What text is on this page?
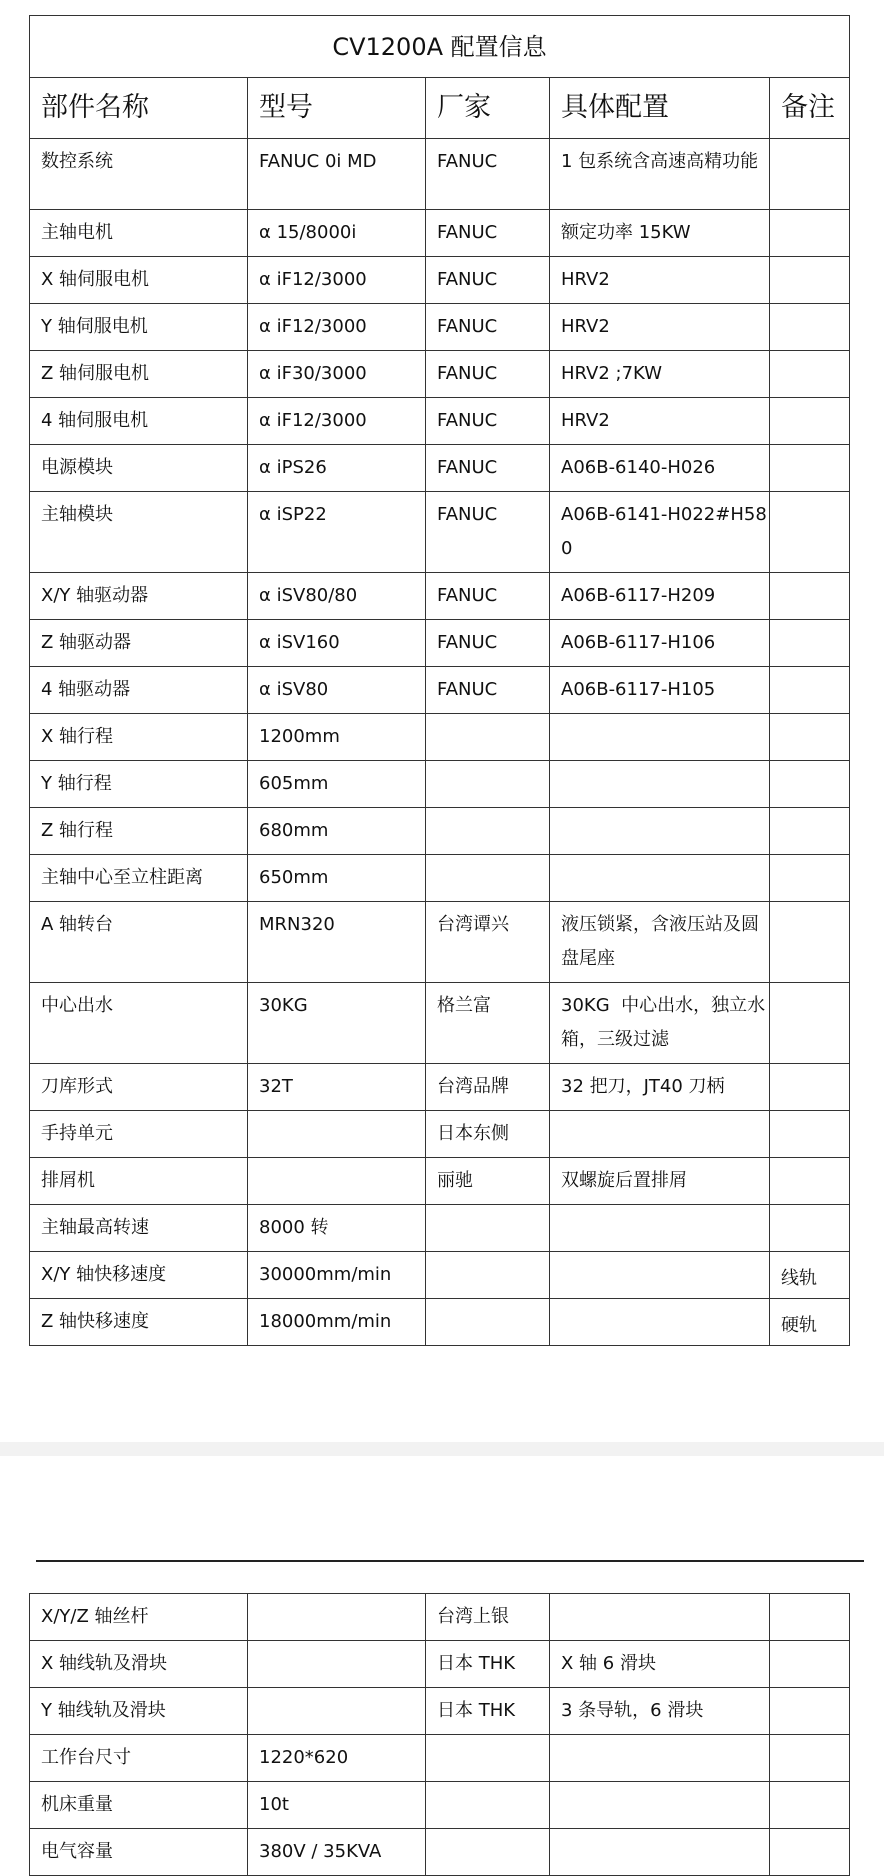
CV1200A 配置信息				
部件名称	型号	厂家	具体配置	备注
数控系统	FANUC 0i MD	FANUC	1 包系统含高速高精功能	
主轴电机	α 15/8000i	FANUC	额定功率 15KW	
X 轴伺服电机	α iF12/3000	FANUC	HRV2	
Y 轴伺服电机	α iF12/3000	FANUC	HRV2	
Z 轴伺服电机	α iF30/3000	FANUC	HRV2 ;7KW	
4 轴伺服电机	α iF12/3000	FANUC	HRV2	
电源模块	α iPS26	FANUC	A06B-6140-H026	
主轴模块	α iSP22	FANUC	A06B-6141-H022#H580	
X/Y 轴驱动器	α iSV80/80	FANUC	A06B-6117-H209	
Z 轴驱动器	α iSV160	FANUC	A06B-6117-H106	
4 轴驱动器	α iSV80	FANUC	A06B-6117-H105	
X 轴行程	1200mm			
Y 轴行程	605mm			
Z 轴行程	680mm			
主轴中心至立柱距离	650mm			
A 轴转台	MRN320	台湾谭兴	液压锁紧，含液压站及圆盘尾座	
中心出水	30KG	格兰富	30KG  中心出水，独立水箱，三级过滤	
刀库形式	32T	台湾品牌	32 把刀，JT40 刀柄	
手持单元		日本东侧		
排屑机		丽驰	双螺旋后置排屑	
主轴最高转速	8000 转			
X/Y 轴快移速度	30000mm/min			线轨
Z 轴快移速度	18000mm/min			硬轨
X/Y/Z 轴丝杆		台湾上银		
X 轴线轨及滑块		日本 THK	X 轴 6 滑块	
Y 轴线轨及滑块		日本 THK	3 条导轨，6 滑块	
工作台尺寸	1220*620			
机床重量	10t			
电气容量	380V / 35KVA			
